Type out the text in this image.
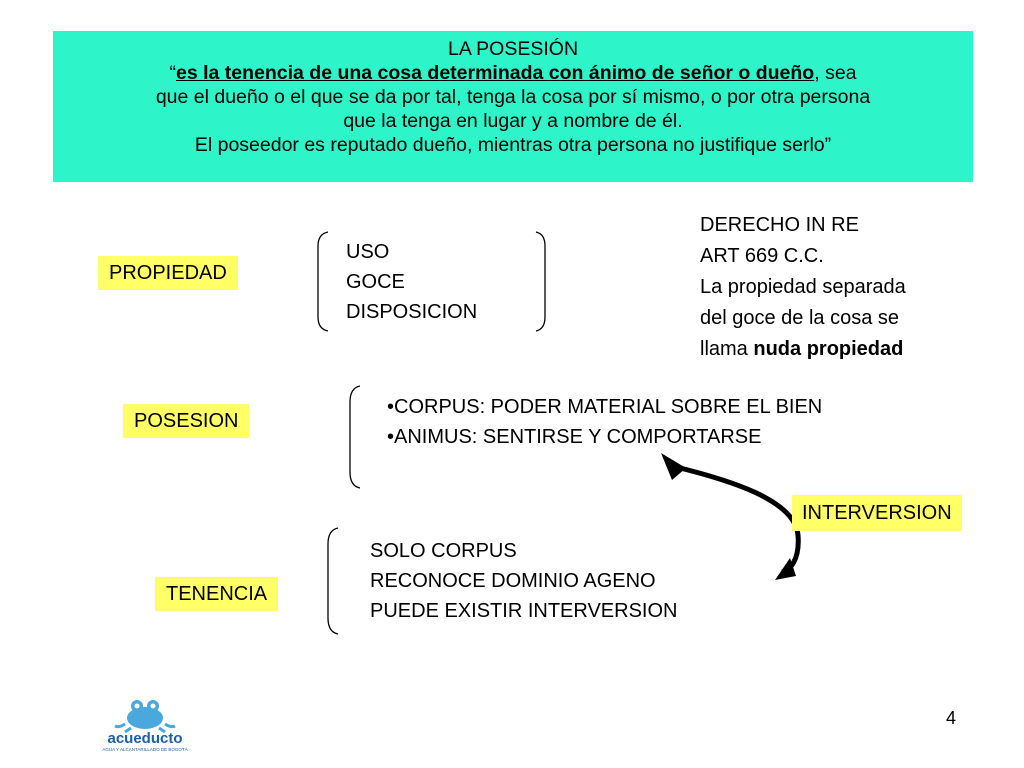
LA POSESIÓN
“es la tenencia de una cosa determinada con ánimo de señor o dueño, sea
que el dueño o el que se da por tal, tenga la cosa por sí mismo, o por otra persona
que la tenga en lugar y a nombre de él.
El poseedor es reputado dueño, mientras otra persona no justifique serlo”
PROPIEDAD
USO
GOCE
DISPOSICION
DERECHO IN RE
ART 669 C.C.
La propiedad separada
del goce de la cosa se
llama nuda propiedad
POSESION
•CORPUS: PODER MATERIAL SOBRE EL BIEN
•ANIMUS: SENTIRSE Y COMPORTARSE
INTERVERSION
TENENCIA
SOLO CORPUS
RECONOCE DOMINIO AGENO
PUEDE EXISTIR INTERVERSION
acueducto
AGUA Y ALCANTARILLADO DE BOGOTÁ
4
